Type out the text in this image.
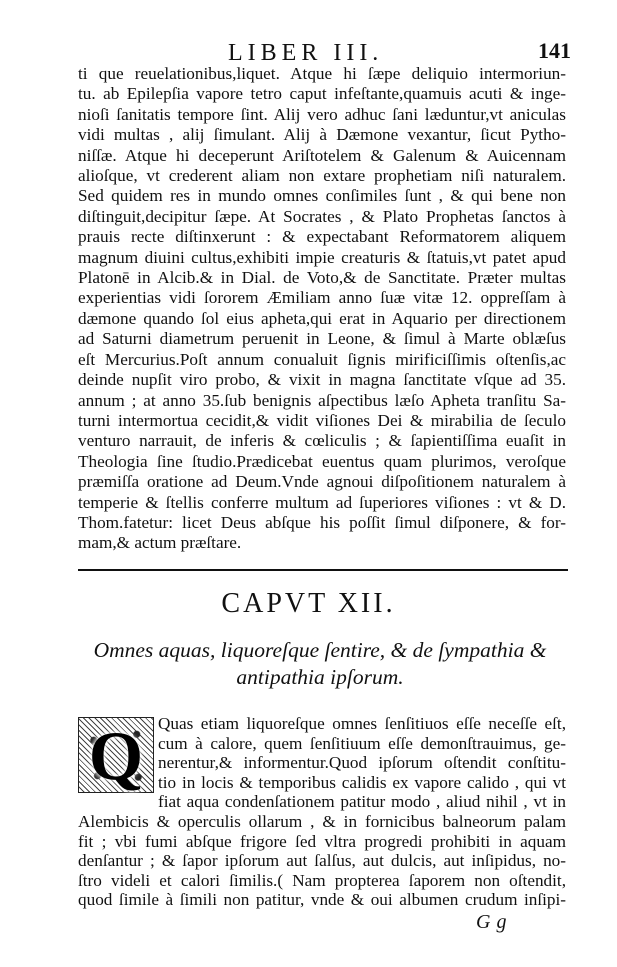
LIBER III.	141
ti que reuelationibus,liquet. Atque hi ſæpe deliquio intermoriun-
tu. ab Epilepſia vapore tetro caput infeſtante,quamuis acuti & inge-
nioſi ſanitatis tempore ſint. Alij vero adhuc ſani læduntur,vt aniculas
vidi multas , alij ſimulant. Alij à Dæmone vexantur, ſicut Pytho-
niſſæ. Atque hi deceperunt Ariſtotelem & Galenum & Auicennam
alioſque, vt crederent aliam non extare prophetiam niſi naturalem.
Sed quidem res in mundo omnes conſimiles ſunt , & qui bene non
diſtinguit,decipitur ſæpe. At Socrates , & Plato Prophetas ſanctos à
prauis recte diſtinxerunt : & expectabant Reformatorem aliquem
magnum diuini cultus,exhibiti impie creaturis & ſtatuis,vt patet apud
Platonē in Alcib.& in Dial. de Voto,& de Sanctitate. Præter multas
experientias vidi ſororem Æmiliam anno ſuæ vitæ 12. oppreſſam à
dæmone quando ſol eius apheta,qui erat in Aquario per directionem
ad Saturni diametrum peruenit in Leone, & ſimul à Marte oblæſus
eſt Mercurius.Poſt annum conualuit ſignis mirificiſſimis oſtenſis,ac
deinde nupſit viro probo, & vixit in magna ſanctitate vſque ad 35.
annum ; at anno 35.ſub benignis aſpectibus læſo Apheta tranſitu Sa-
turni intermortua cecidit,& vidit viſiones Dei & mirabilia de ſeculo
venturo narrauit, de inferis & cœliculis ; & ſapientiſſima euaſit in
Theologia ſine ſtudio.Prædicebat euentus quam plurimos, veroſque
præmiſſa oratione ad Deum.Vnde agnoui diſpoſitionem naturalem à
temperie & ſtellis conferre multum ad ſuperiores viſiones : vt & D.
Thom.fatetur: licet Deus abſque his poſſit ſimul diſponere, & for-
mam,& actum præſtare.
CAPVT XII.
Omnes aquas, liquoreſque ſentire, & de ſympathia &
antipathia ipſorum.
Q Quas etiam liquoreſque omnes ſenſitiuos eſſe neceſſe eſt,
cum à calore, quem ſenſitiuum eſſe demonſtrauimus, ge-
nerentur,& informentur.Quod ipſorum oſtendit conſtitu-
tio in locis & temporibus calidis ex vapore calido , qui vt
fiat aqua condenſationem patitur modo , aliud nihil , vt in
Alembicis & operculis ollarum , & in fornicibus balneorum palam
fit ; vbi fumi abſque frigore ſed vltra progredi prohibiti in aquam
denſantur ; & ſapor ipſorum aut ſalſus, aut dulcis, aut inſipidus, no-
ſtro videli et calori ſimilis.( Nam propterea ſaporem non oſtendit,
quod ſimile à ſimili non patitur, vnde & oui albumen crudum inſipi-
Gg
